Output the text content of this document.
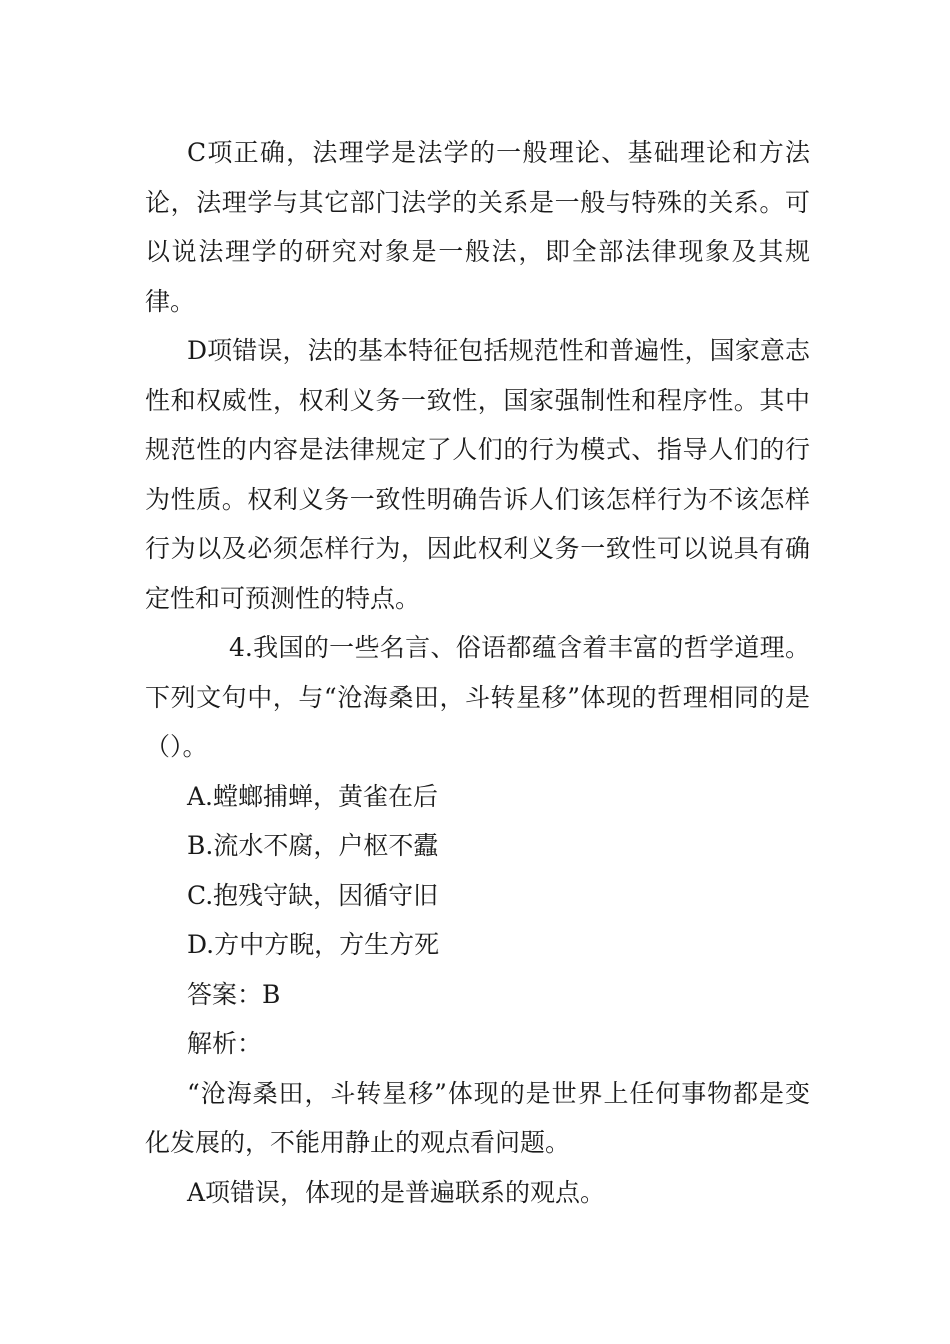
C项正确，法理学是法学的一般理论、基础理论和方法论，法理学与其它部门法学的关系是一般与特殊的关系。可以说法理学的研究对象是一般法，即全部法律现象及其规律。

D项错误，法的基本特征包括规范性和普遍性，国家意志性和权威性，权利义务一致性，国家强制性和程序性。其中规范性的内容是法律规定了人们的行为模式、指导人们的行为性质。权利义务一致性明确告诉人们该怎样行为不该怎样行为以及必须怎样行为，因此权利义务一致性可以说具有确定性和可预测性的特点。

4.我国的一些名言、俗语都蕴含着丰富的哲学道理。下列文句中，与“沧海桑田，斗转星移”体现的哲理相同的是（）。

A.螳螂捕蝉，黄雀在后

B.流水不腐，户枢不蠹

C.抱残守缺，因循守旧

D.方中方睨，方生方死

答案：B

解析：

“沧海桑田，斗转星移”体现的是世界上任何事物都是变化发展的，不能用静止的观点看问题。

A项错误，体现的是普遍联系的观点。
